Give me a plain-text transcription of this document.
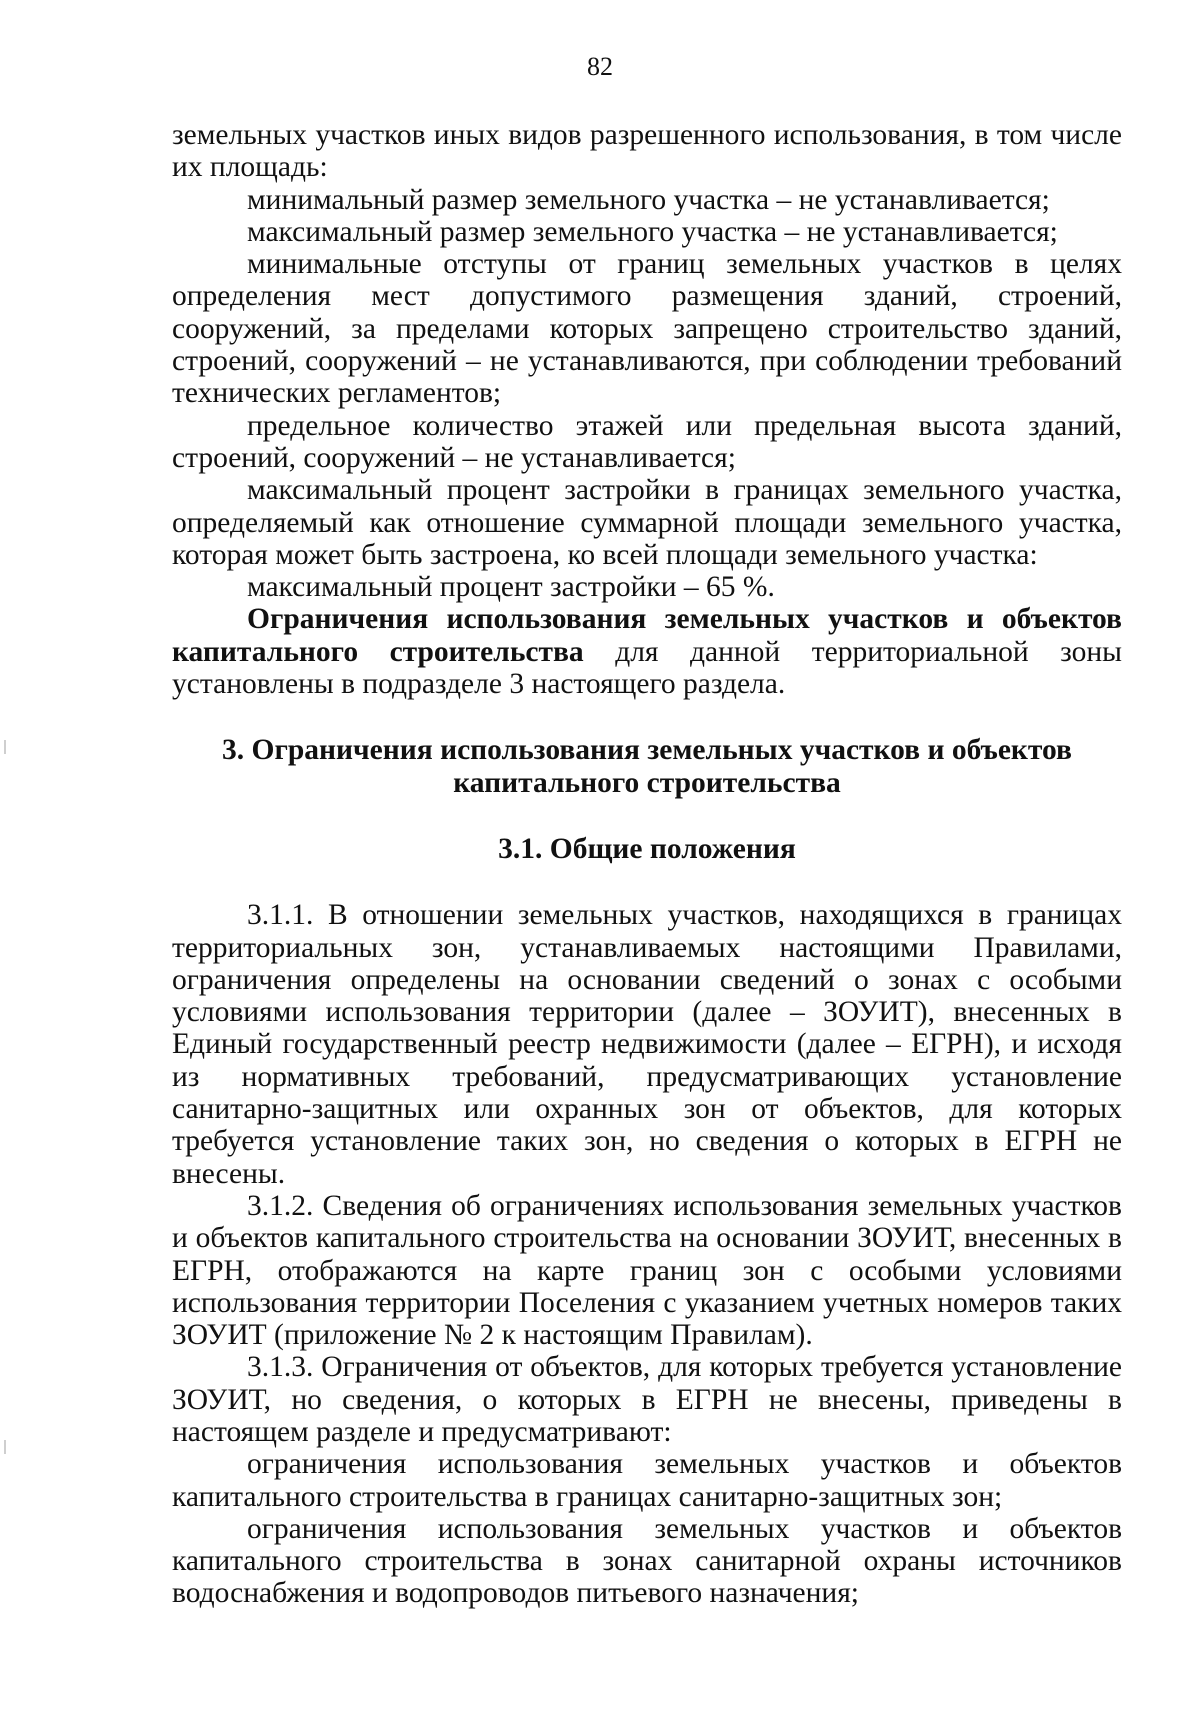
82

земельных участков иных видов разрешенного использования, в том числе их площадь:

минимальный размер земельного участка – не устанавливается;

максимальный размер земельного участка – не устанавливается;

минимальные отступы от границ земельных участков в целях определения мест допустимого размещения зданий, строений, сооружений, за пределами которых запрещено строительство зданий, строений, сооружений – не устанавливаются, при соблюдении требований технических регламентов;

предельное количество этажей или предельная высота зданий, строений, сооружений – не устанавливается;

максимальный процент застройки в границах земельного участка, определяемый как отношение суммарной площади земельного участка, которая может быть застроена, ко всей площади земельного участка:

максимальный процент застройки – 65 %.

Ограничения использования земельных участков и объектов капитального строительства для данной территориальной зоны установлены в подразделе 3 настоящего раздела.

3. Ограничения использования земельных участков и объектов
капитального строительства

3.1. Общие положения

3.1.1. В отношении земельных участков, находящихся в границах территориальных зон, устанавливаемых настоящими Правилами, ограничения определены на основании сведений о зонах с особыми условиями использования территории (далее – ЗОУИТ), внесенных в Единый государственный реестр недвижимости (далее – ЕГРН), и исходя из нормативных требований, предусматривающих установление санитарно-защитных или охранных зон от объектов, для которых требуется установление таких зон, но сведения о которых в ЕГРН не внесены.

3.1.2. Сведения об ограничениях использования земельных участков и объектов капитального строительства на основании ЗОУИТ, внесенных в ЕГРН, отображаются на карте границ зон с особыми условиями использования территории Поселения с указанием учетных номеров таких ЗОУИТ (приложение № 2 к настоящим Правилам).

3.1.3. Ограничения от объектов, для которых требуется установление ЗОУИТ, но сведения, о которых в ЕГРН не внесены, приведены в настоящем разделе и предусматривают:

ограничения использования земельных участков и объектов капитального строительства в границах санитарно-защитных зон;

ограничения использования земельных участков и объектов капитального строительства в зонах санитарной охраны источников водоснабжения и водопроводов питьевого назначения;
